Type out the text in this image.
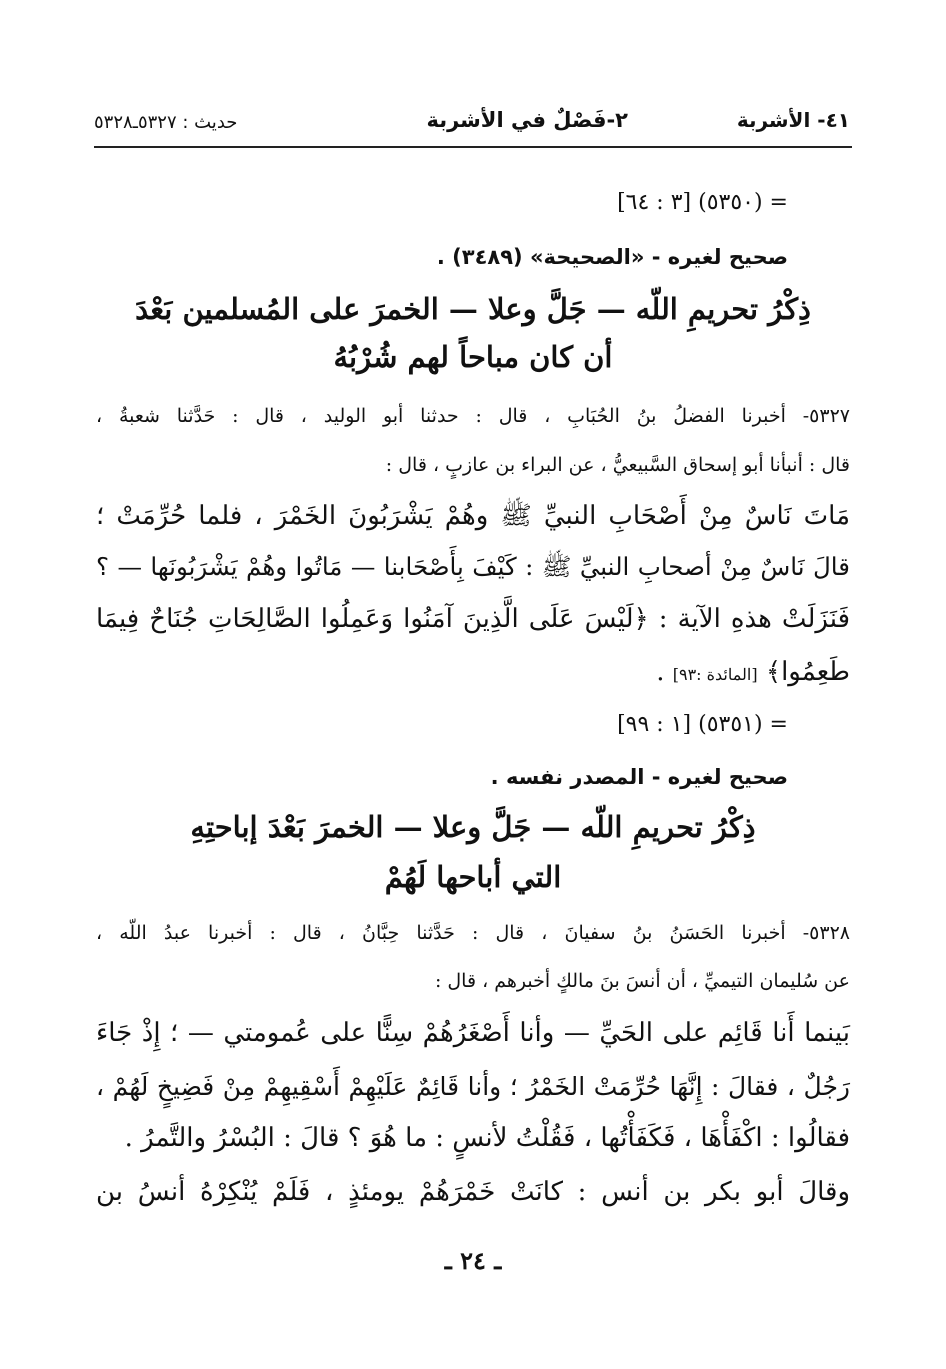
٤١- الأشربة
٢-فَصْلٌ في الأشربة
حديث : ٥٣٢٧ـ٥٣٢٨
= (٥٣٥٠) [٣ : ٦٤]
صحيح لغيره - «الصحيحة» (٣٤٨٩) .
ذِكْرُ تحريمِ اللّه — جَلَّ وعلا — الخمرَ على المُسلمين بَعْدَ
أن كان مباحاً لهم شُرْبُهُ
٥٣٢٧- أخبرنا الفضلُ بنُ الحُبَابِ ، قال : حدثنا أبو الوليد ، قال : حَدَّثنا شعبةُ ،
قال : أنبأنا أبو إسحاق السَّبيعيُّ ، عن البراء بن عازبٍ ، قال :
مَاتَ نَاسٌ مِنْ أَصْحَابِ النبيِّ ﷺ وهُمْ يَشْرَبُونَ الخَمْرَ ، فلما حُرِّمَتْ ؛
قالَ نَاسٌ مِنْ أصحابِ النبيِّ ﷺ : كَيْفَ بِأَصْحَابنا — مَاتُوا وهُمْ يَشْرَبُونَها — ؟
فَنَزَلَتْ هذهِ الآية : ﴿لَيْسَ عَلَى الَّذِينَ آمَنُوا وَعَمِلُوا الصَّالِحَاتِ جُنَاحٌ فِيمَا
طَعِمُوا﴾ [المائدة :٩٣] .
= (٥٣٥١) [١ : ٩٩]
صحيح لغيره - المصدر نفسه .
ذِكْرُ تحريمِ اللّه — جَلَّ وعلا — الخمرَ بَعْدَ إباحتِهِ
التي أباحها لَهُمْ
٥٣٢٨- أخبرنا الحَسَنُ بنُ سفيانَ ، قال : حَدَّثنا حِبَّانُ ، قال : أخبرنا عبدُ اللّه ،
عن سُليمان التيميِّ ، أن أنسَ بنَ مالكٍ أخبرهم ، قال :
بَينما أَنا قَائِم على الحَيِّ — وأنا أَصْغَرُهُمْ سِنًّا على عُمومتي — ؛ إِذْ جَاءَ
رَجُلٌ ، فقالَ : إِنَّهَا حُرِّمَتْ الخَمْرُ ؛ وأنا قَائِمٌ عَلَيْهِمْ أَسْقِيهِمْ مِنْ فَضِيخٍ لَهُمْ ،
فقالُوا : اكْفَأْهَا ، فَكَفَأْتُها ، فَقُلْتُ لأنسٍ : ما هُوَ ؟ قالَ : البُسْرُ والتَّمرُ .
وقالَ أبو بكر بن أنس : كانَتْ خَمْرَهُمْ يومئذٍ ، فَلَمْ يُنْكِرْهُ أنسُ بن
ـ ٢٤ ـ
